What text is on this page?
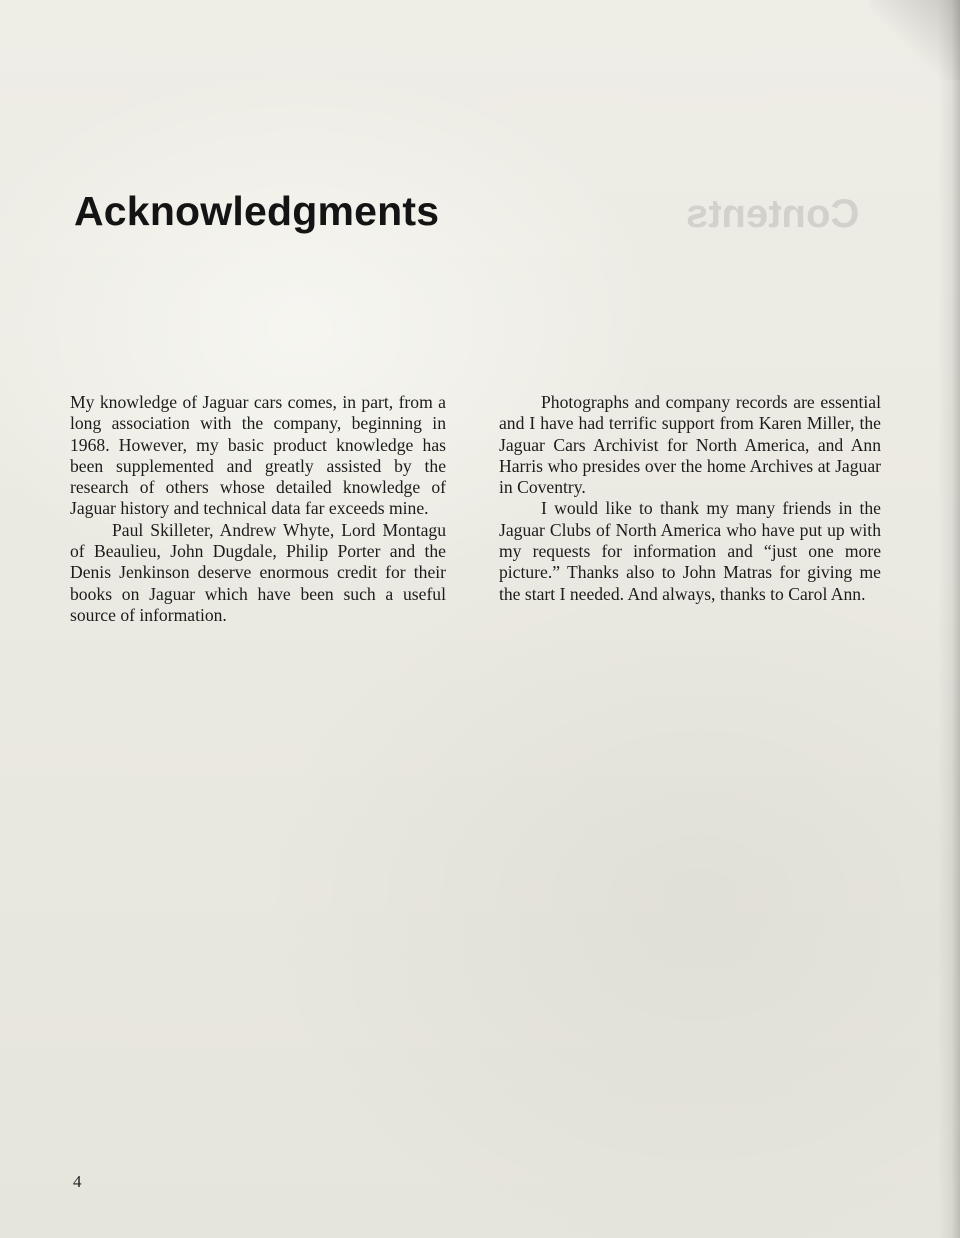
Contents
Acknowledgments

My knowledge of Jaguar cars comes, in part, from a long association with the company, beginning in 1968. However, my basic product knowledge has been supplemented and greatly assisted by the research of others whose detailed knowledge of Jaguar history and technical data far exceeds mine.

Paul Skilleter, Andrew Whyte, Lord Montagu of Beaulieu, John Dugdale, Philip Porter and the Denis Jenkinson deserve enormous credit for their books on Jaguar which have been such a useful source of information.

Photographs and company records are essential and I have had terrific support from Karen Miller, the Jaguar Cars Archivist for North America, and Ann Harris who presides over the home Archives at Jaguar in Coventry.

I would like to thank my many friends in the Jaguar Clubs of North America who have put up with my requests for information and “just one more picture.” Thanks also to John Matras for giving me the start I needed. And always, thanks to Carol Ann.

4
